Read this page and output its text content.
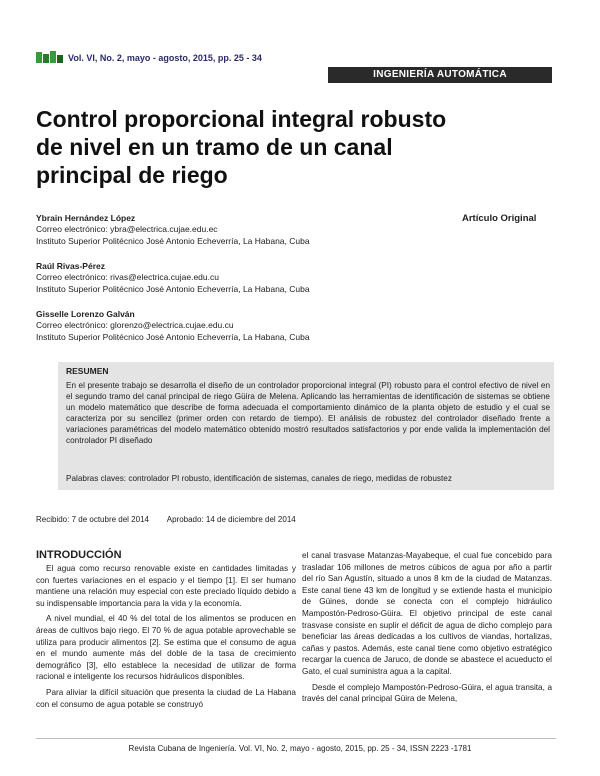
Vol. VI, No. 2, mayo - agosto, 2015, pp. 25 - 34
INGENIERÍA AUTOMÁTICA
Control proporcional integral robusto
de nivel en un tramo de un canal
principal de riego
Artículo Original
Ybrain Hernández López
Correo electrónico: ybra@electrica.cujae.edu.ec
Instituto Superior Politécnico José Antonio Echeverría, La Habana, Cuba
Raúl Rivas-Pérez
Correo electrónico: rivas@electrica.cujae.edu.cu
Instituto Superior Politécnico José Antonio Echeverría, La Habana, Cuba
Gisselle Lorenzo Galván
Correo electrónico: glorenzo@electrica.cujae.edu.cu
Instituto Superior Politécnico José Antonio Echeverría, La Habana, Cuba
RESUMEN
En el presente trabajo se desarrolla el diseño de un controlador proporcional integral (PI) robusto para el control efectivo de nivel en el segundo tramo del canal principal de riego Güira de Melena. Aplicando las herramientas de identificación de sistemas se obtiene un modelo matemático que describe de forma adecuada el comportamiento dinámico de la planta objeto de estudio y el cual se caracteriza por su sencillez (primer orden con retardo de tiempo). El análisis de robustez del controlador diseñado frente a variaciones paramétricas del modelo matemático obtenido mostró resultados satisfactorios y por ende valida la implementación del controlador PI diseñado
Palabras claves: controlador PI robusto, identificación de sistemas, canales de riego, medidas de robustez
Recibido: 7 de octubre del 2014 Aprobado: 14 de diciembre del 2014
INTRODUCCIÓN

El agua como recurso renovable existe en cantidades limitadas y con fuertes variaciones en el espacio y el tiempo [1]. El ser humano mantiene una relación muy especial con este preciado líquido debido a su indispensable importancia para la vida y la economía.

A nivel mundial, el 40 % del total de los alimentos se producen en áreas de cultivos bajo riego. El 70 % de agua potable aprovechable se utiliza para producir alimentos [2]. Se estima que el consumo de agua en el mundo aumente más del doble de la tasa de crecimiento demográfico [3], ello establece la necesidad de utilizar de forma racional e inteligente los recursos hidráulicos disponibles.

Para aliviar la difícil situación que presenta la ciudad de La Habana con el consumo de agua potable se construyó

el canal trasvase Matanzas-Mayabeque, el cual fue concebido para trasladar 106 millones de metros cúbicos de agua por año a partir del río San Agustín, situado a unos 8 km de la ciudad de Matanzas. Este canal tiene 43 km de longitud y se extiende hasta el municipio de Güines, donde se conecta con el complejo hidráulico Mampostón-Pedroso-Güira. El objetivo principal de este canal trasvase consiste en suplir el déficit de agua de dicho complejo para beneficiar las áreas dedicadas a los cultivos de viandas, hortalizas, cañas y pastos. Además, este canal tiene como objetivo estratégico recargar la cuenca de Jaruco, de donde se abastece el acueducto el Gato, el cual suministra agua a la capital.

Desde el complejo Mampostón-Pedroso-Güira, el agua transita, a través del canal principal Güira de Melena,

Revista Cubana de Ingeniería. Vol. VI, No. 2, mayo - agosto, 2015, pp. 25 - 34, ISSN 2223 -1781
